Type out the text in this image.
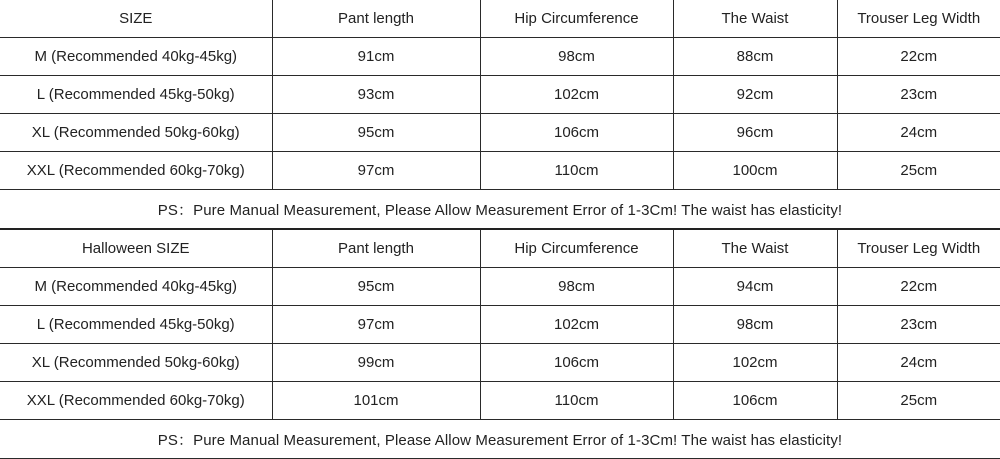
SIZE	Pant length	Hip Circumference	The Waist	Trouser Leg Width
M (Recommended 40kg-45kg)	91cm	98cm	88cm	22cm
L (Recommended 45kg-50kg)	93cm	102cm	92cm	23cm
XL (Recommended 50kg-60kg)	95cm	106cm	96cm	24cm
XXL (Recommended 60kg-70kg)	97cm	110cm	100cm	25cm
PS：Pure Manual Measurement, Please Allow Measurement Error of 1-3Cm! The waist has elasticity!				
Halloween SIZE	Pant length	Hip Circumference	The Waist	Trouser Leg Width
M (Recommended 40kg-45kg)	95cm	98cm	94cm	22cm
L (Recommended 45kg-50kg)	97cm	102cm	98cm	23cm
XL (Recommended 50kg-60kg)	99cm	106cm	102cm	24cm
XXL (Recommended 60kg-70kg)	101cm	110cm	106cm	25cm
PS：Pure Manual Measurement, Please Allow Measurement Error of 1-3Cm! The waist has elasticity!				
